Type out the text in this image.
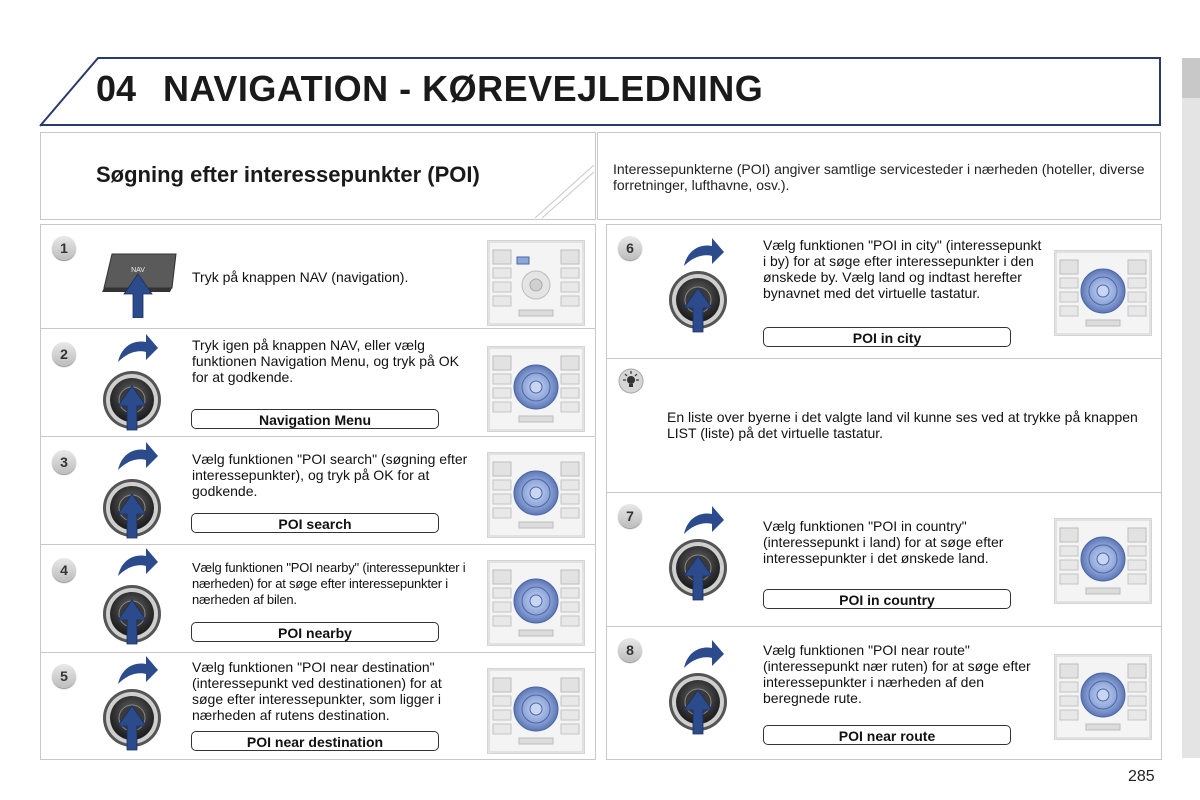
04 NAVIGATION - KØREVEJLEDNING
Søgning efter interessepunkter (POI)	Interessepunkterne (POI) angiver samtlige servicesteder i nærheden (hoteller, diverse forretninger, lufthavne, osv.).
1
NAV	Tryk på knappen NAV (navigation).
2
Tryk igen på knappen NAV, eller vælg funktionen Navigation Menu, og tryk på OK for at godkende.
Navigation Menu
3	Vælg funktionen "POI search" (søgning efter interessepunkter), og tryk på OK for at godkende.
POI search
4	Vælg funktionen "POI nearby" (interessepunkter i nærheden) for at søge efter interessepunkter i nærheden af bilen.
POI nearby
5
Vælg funktionen "POI near destination" (interessepunkt ved destinationen) for at søge efter interessepunkter, som ligger i nærheden af rutens destination.
POI near destination
6	Vælg funktionen "POI in city" (interessepunkt i by) for at søge efter interessepunkter i den ønskede by. Vælg land og indtast herefter bynavnet med det virtuelle tastatur.
POI in city
En liste over byerne i det valgte land vil kunne ses ved at trykke på knappen LIST (liste) på det virtuelle tastatur.
7
Vælg funktionen "POI in country" (interessepunkt i land) for at søge efter interessepunkter i det ønskede land.
POI in country
8	Vælg funktionen "POI near route" (interessepunkt nær ruten) for at søge efter interessepunkter i nærheden af den beregnede rute.
POI near route
285
